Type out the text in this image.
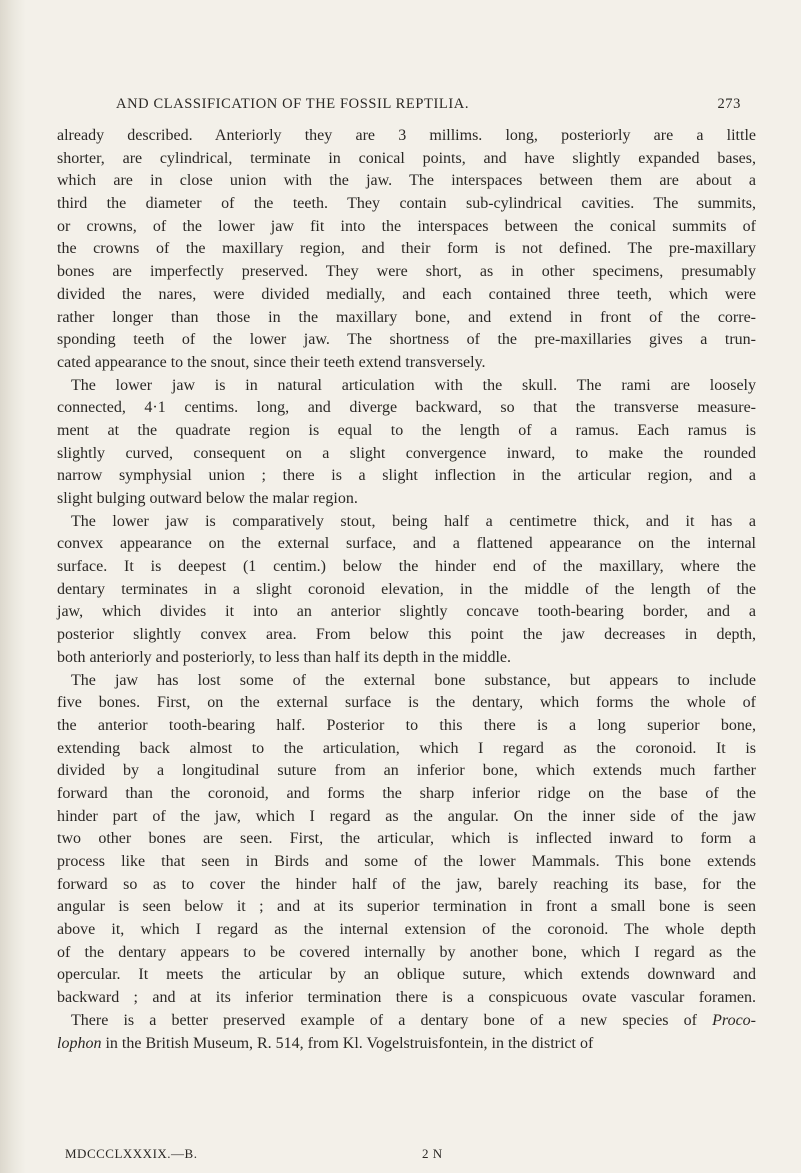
AND CLASSIFICATION OF THE FOSSIL REPTILIA.	273
already described. Anteriorly they are 3 millims. long, posteriorly are a little
shorter, are cylindrical, terminate in conical points, and have slightly expanded bases,
which are in close union with the jaw. The interspaces between them are about a
third the diameter of the teeth. They contain sub-cylindrical cavities. The summits,
or crowns, of the lower jaw fit into the interspaces between the conical summits of
the crowns of the maxillary region, and their form is not defined. The pre-maxillary
bones are imperfectly preserved. They were short, as in other specimens, presumably
divided the nares, were divided medially, and each contained three teeth, which were
rather longer than those in the maxillary bone, and extend in front of the corre-
sponding teeth of the lower jaw. The shortness of the pre-maxillaries gives a trun-
cated appearance to the snout, since their teeth extend transversely.
The lower jaw is in natural articulation with the skull. The rami are loosely
connected, 4·1 centims. long, and diverge backward, so that the transverse measure-
ment at the quadrate region is equal to the length of a ramus. Each ramus is
slightly curved, consequent on a slight convergence inward, to make the rounded
narrow symphysial union ; there is a slight inflection in the articular region, and a
slight bulging outward below the malar region.
The lower jaw is comparatively stout, being half a centimetre thick, and it has a
convex appearance on the external surface, and a flattened appearance on the internal
surface. It is deepest (1 centim.) below the hinder end of the maxillary, where the
dentary terminates in a slight coronoid elevation, in the middle of the length of the
jaw, which divides it into an anterior slightly concave tooth-bearing border, and a
posterior slightly convex area. From below this point the jaw decreases in depth,
both anteriorly and posteriorly, to less than half its depth in the middle.
The jaw has lost some of the external bone substance, but appears to include
five bones. First, on the external surface is the dentary, which forms the whole of
the anterior tooth-bearing half. Posterior to this there is a long superior bone,
extending back almost to the articulation, which I regard as the coronoid. It is
divided by a longitudinal suture from an inferior bone, which extends much farther
forward than the coronoid, and forms the sharp inferior ridge on the base of the
hinder part of the jaw, which I regard as the angular. On the inner side of the jaw
two other bones are seen. First, the articular, which is inflected inward to form a
process like that seen in Birds and some of the lower Mammals. This bone extends
forward so as to cover the hinder half of the jaw, barely reaching its base, for the
angular is seen below it ; and at its superior termination in front a small bone is seen
above it, which I regard as the internal extension of the coronoid. The whole depth
of the dentary appears to be covered internally by another bone, which I regard as the
opercular. It meets the articular by an oblique suture, which extends downward and
backward ; and at its inferior termination there is a conspicuous ovate vascular foramen.
There is a better preserved example of a dentary bone of a new species of Proco-
lophon in the British Museum, R. 514, from Kl. Vogelstruisfontein, in the district of
MDCCCLXXXIX.—B.	2 N
